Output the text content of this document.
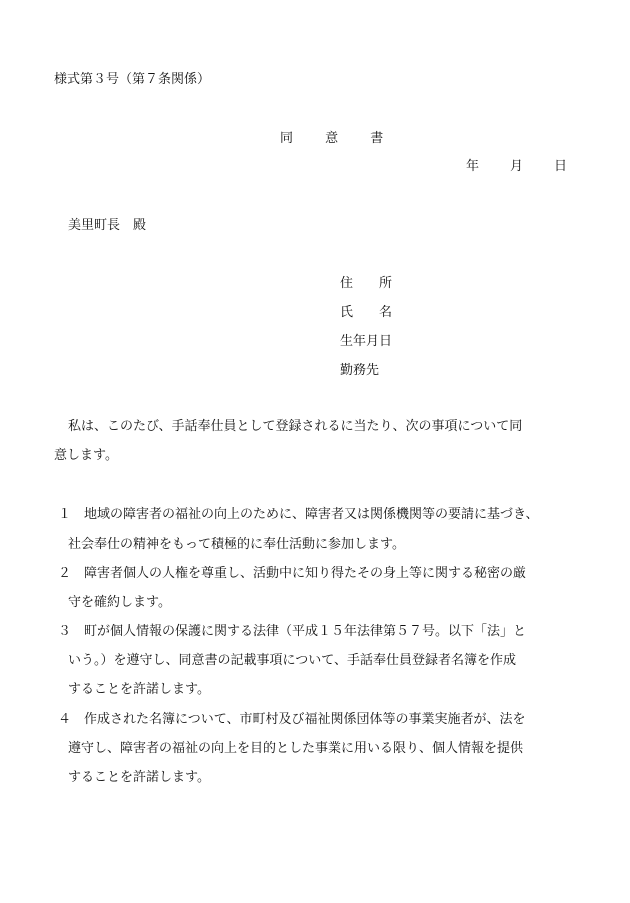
様式第３号（第７条関係）
同 意 書
年 月 日
美里町長 殿
住　　所
氏　　名
生年月日
勤務先
私は、このたび、手話奉仕員として登録されるに当たり、次の事項について同
意します。
１ 地域の障害者の福祉の向上のために、障害者又は関係機関等の要請に基づき、
社会奉仕の精神をもって積極的に奉仕活動に参加します。
２ 障害者個人の人権を尊重し、活動中に知り得たその身上等に関する秘密の厳
守を確約します。
３ 町が個人情報の保護に関する法律（平成１５年法律第５７号。以下「法」と
いう。）を遵守し、同意書の記載事項について、手話奉仕員登録者名簿を作成
することを許諾します。
４ 作成された名簿について、市町村及び福祉関係団体等の事業実施者が、法を
遵守し、障害者の福祉の向上を目的とした事業に用いる限り、個人情報を提供
することを許諾します。
